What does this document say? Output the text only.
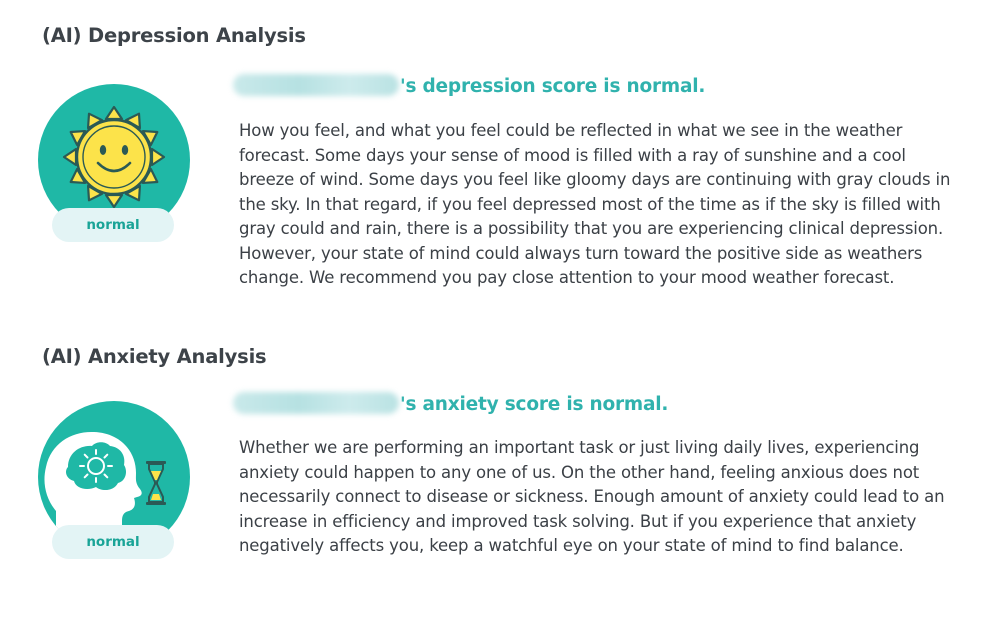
(AI) Depression Analysis
normal
's depression score is normal.
How you feel, and what you feel could be reflected in what we see in the weather forecast. Some days your sense of mood is filled with a ray of sunshine and a cool breeze of wind. Some days you feel like gloomy days are continuing with gray clouds in the sky. In that regard, if you feel depressed most of the time as if the sky is filled with gray could and rain, there is a possibility that you are experiencing clinical depression. However, your state of mind could always turn toward the positive side as weathers change. We recommend you pay close attention to your mood weather forecast.
(AI) Anxiety Analysis
normal
's anxiety score is normal.
Whether we are performing an important task or just living daily lives, experiencing anxiety could happen to any one of us. On the other hand, feeling anxious does not necessarily connect to disease or sickness. Enough amount of anxiety could lead to an increase in efficiency and improved task solving. But if you experience that anxiety negatively affects you, keep a watchful eye on your state of mind to find balance.
